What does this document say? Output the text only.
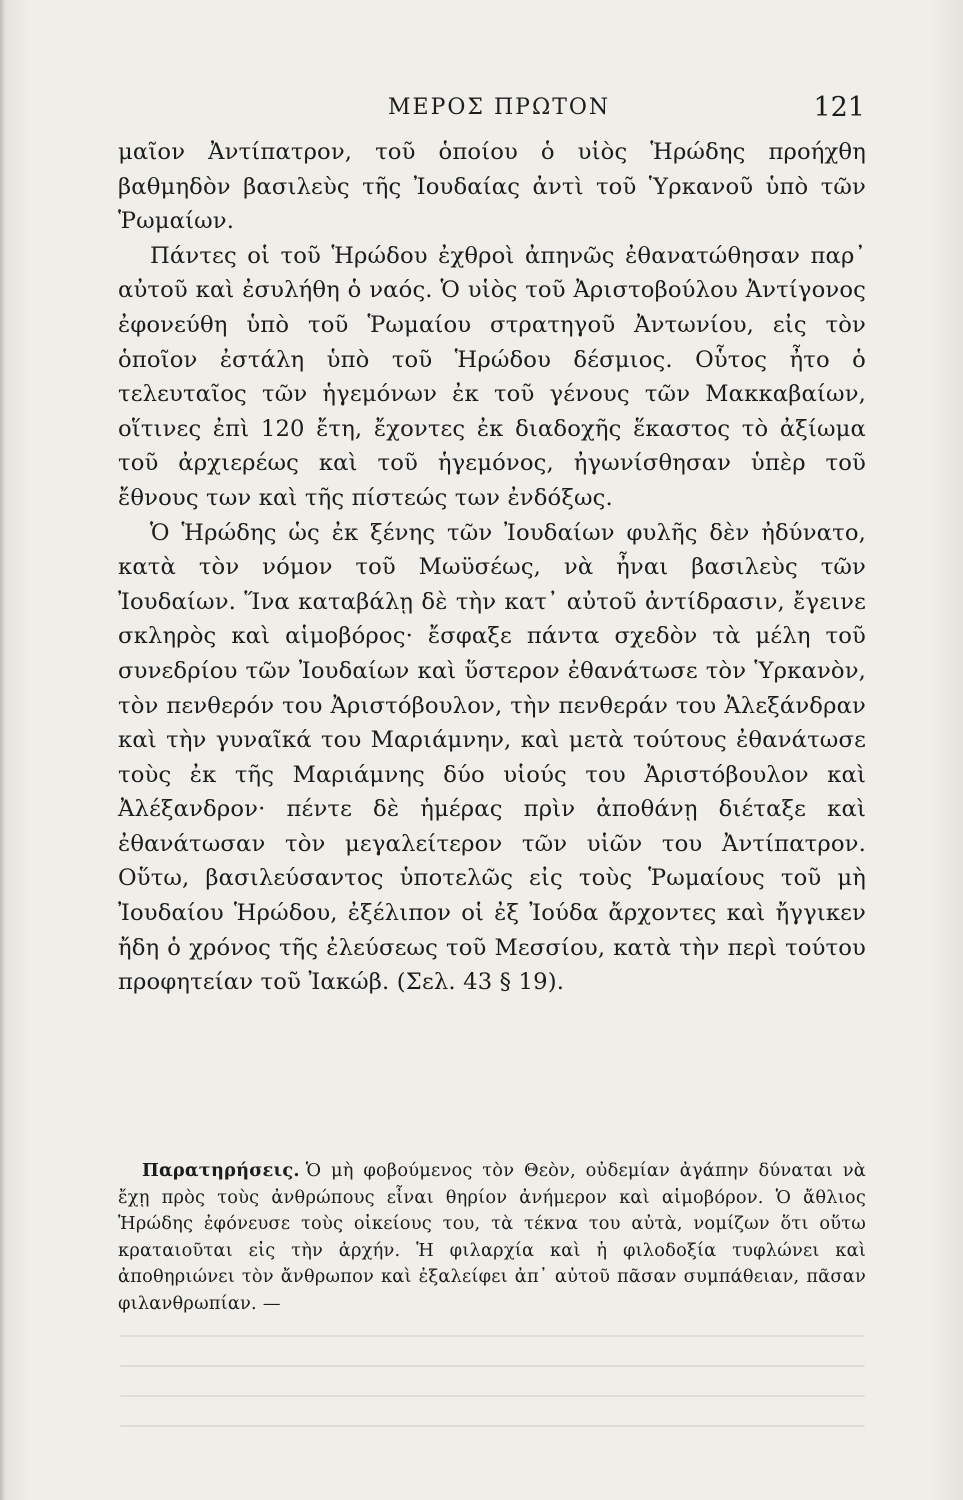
ΜΕΡΟΣ ΠΡΩΤΟΝ	121

μαῖον Ἀντίπατρον, τοῦ ὁποίου ὁ υἱὸς Ἡρώδης προήχθη βαθμηδὸν βασιλεὺς τῆς Ἰουδαίας ἀντὶ τοῦ Ὑρκανοῦ ὑπὸ τῶν Ῥωμαίων.

Πάντες οἱ τοῦ Ἡρώδου ἐχθροὶ ἀπηνῶς ἐθανατώθησαν παρ᾽ αὐτοῦ καὶ ἐσυλήθη ὁ ναός. Ὁ υἱὸς τοῦ Ἀριστοβούλου Ἀντίγονος ἐφονεύθη ὑπὸ τοῦ Ῥωμαίου στρατηγοῦ Ἀντωνίου, εἰς τὸν ὁποῖον ἐστάλη ὑπὸ τοῦ Ἡρώδου δέσμιος. Οὗτος ἦτο ὁ τελευταῖος τῶν ἡγεμόνων ἐκ τοῦ γένους τῶν Μακκαβαίων, οἵτινες ἐπὶ 120 ἔτη, ἔχοντες ἐκ διαδοχῆς ἕκαστος τὸ ἀξίωμα τοῦ ἀρχιερέως καὶ τοῦ ἡγεμόνος, ἠγωνίσθησαν ὑπὲρ τοῦ ἔθνους των καὶ τῆς πίστεώς των ἐνδόξως.

Ὁ Ἡρώδης ὡς ἐκ ξένης τῶν Ἰουδαίων φυλῆς δὲν ἠδύνατο, κατὰ τὸν νόμον τοῦ Μωϋσέως, νὰ ἦναι βασιλεὺς τῶν Ἰουδαίων. Ἵνα καταβάλῃ δὲ τὴν κατ᾽ αὐτοῦ ἀντίδρασιν, ἔγεινε σκληρὸς καὶ αἱμοβόρος· ἔσφαξε πάντα σχεδὸν τὰ μέλη τοῦ συνεδρίου τῶν Ἰουδαίων καὶ ὕστερον ἐθανάτωσε τὸν Ὑρκανὸν, τὸν πενθερόν του Ἀριστόβουλον, τὴν πενθεράν του Ἀλεξάνδραν καὶ τὴν γυναῖκά του Μαριάμνην, καὶ μετὰ τούτους ἐθανάτωσε τοὺς ἐκ τῆς Μαριάμνης δύο υἱούς του Ἀριστόβουλον καὶ Ἀλέξανδρον· πέντε δὲ ἡμέρας πρὶν ἀποθάνῃ διέταξε καὶ ἐθανάτωσαν τὸν μεγαλείτερον τῶν υἱῶν του Ἀντίπατρον. Οὕτω, βασιλεύσαντος ὑποτελῶς εἰς τοὺς Ῥωμαίους τοῦ μὴ Ἰουδαίου Ἡρώδου, ἐξέλιπον οἱ ἐξ Ἰούδα ἄρχοντες καὶ ἤγγικεν ἤδη ὁ χρόνος τῆς ἐλεύσεως τοῦ Μεσσίου, κατὰ τὴν περὶ τούτου προφητείαν τοῦ Ἰακώβ. (Σελ. 43 § 19).

Παρατηρήσεις. Ὁ μὴ φοβούμενος τὸν Θεὸν, οὐδεμίαν ἀγάπην δύναται νὰ ἔχῃ πρὸς τοὺς ἀνθρώπους εἶναι θηρίον ἀνήμερον καὶ αἱμοβόρον. Ὁ ἄθλιος Ἡρώδης ἐφόνευσε τοὺς οἰκείους του, τὰ τέκνα του αὐτὰ, νομίζων ὅτι οὕτω κραταιοῦται εἰς τὴν ἀρχήν. Ἡ φιλαρχία καὶ ἡ φιλοδοξία τυφλώνει καὶ ἀποθηριώνει τὸν ἄνθρωπον καὶ ἐξαλείφει ἀπ᾽ αὐτοῦ πᾶσαν συμπάθειαν, πᾶσαν φιλανθρωπίαν. —
